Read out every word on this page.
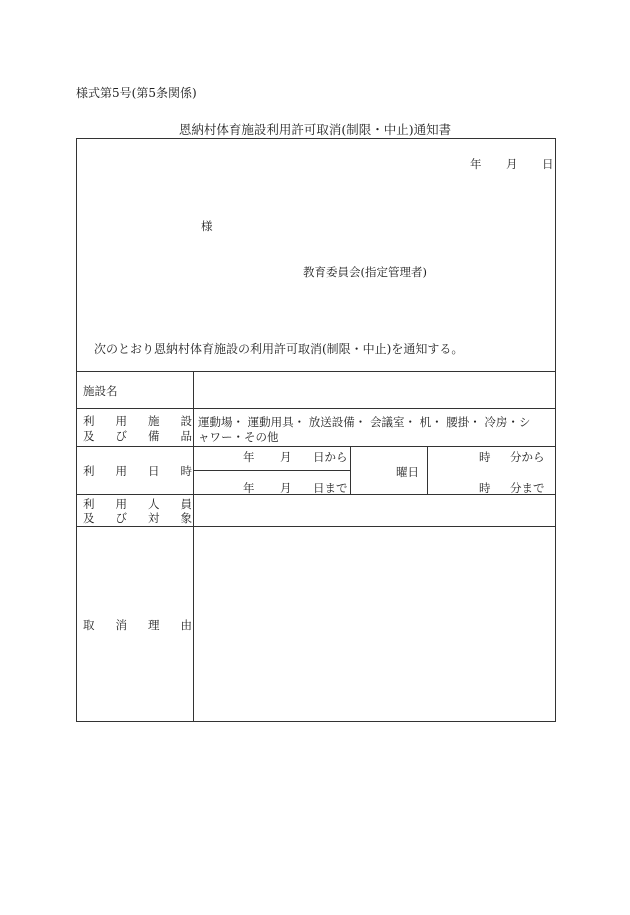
様式第5号(第5条関係)
恩納村体育施設利用許可取消(制限・中止)通知書
年 月 日
様
教育委員会(指定管理者)
次のとおり恩納村体育施設の利用許可取消(制限・中止)を通知する。
施設名
利用施設
及び備品
利用日時
利用人員
及び対象
取消理由
運動場・ 運動用具・ 放送設備・ 会議室・ 机・ 腰掛・ 冷房・シ
ャワー・その他
年 月 日から
年 月 日まで
曜日
時 分から
時 分まで
